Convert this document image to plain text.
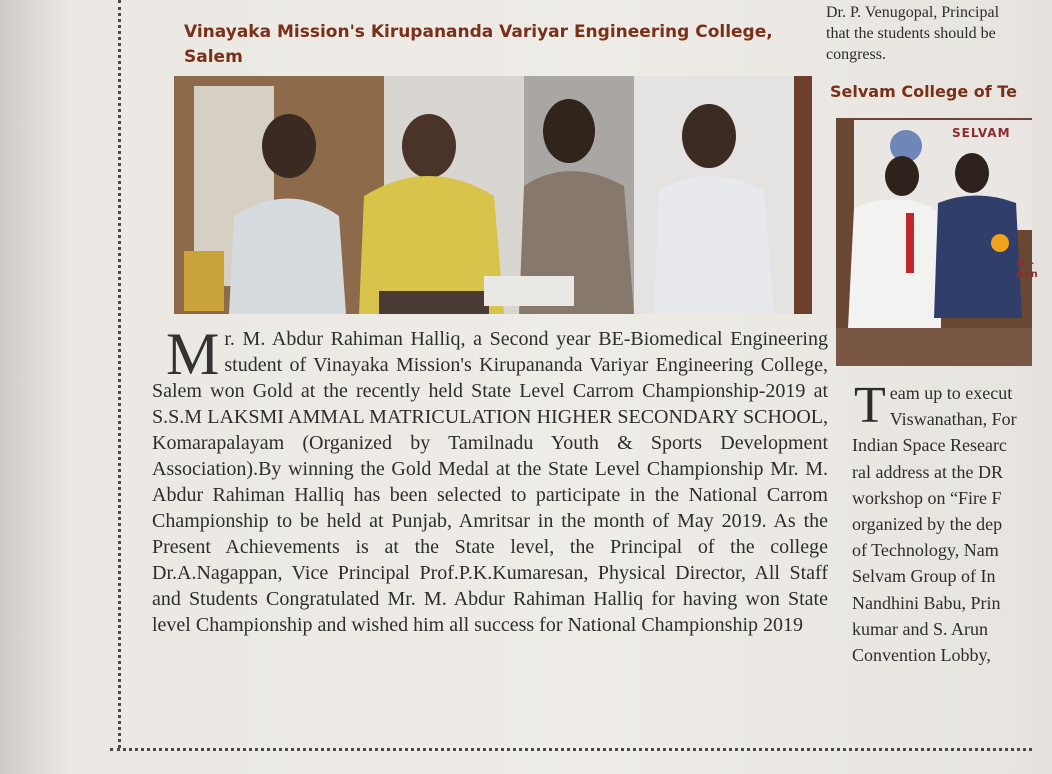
Vinayaka Mission's Kirupananda Variyar Engineering College, Salem

Mr. M. Abdur Rahiman Halliq, a Second year BE-Biomedical Engineering student of Vinayaka Mission's Kirupananda Variyar Engineering College, Salem won Gold at the recently held State Level Carrom Championship-2019 at S.S.M LAKSMI AMMAL MATRICULATION HIGHER SECONDARY SCHOOL, Komarapalayam (Organized by Tamilnadu Youth & Sports Development Association).By winning the Gold Medal at the State Level Championship Mr. M. Abdur Rahiman Halliq has been selected to participate in the National Carrom Championship to be held at Punjab, Amritsar in the month of May 2019. As the Present Achievements is at the State level, the Principal of the college Dr.A.Nagappan, Vice Principal Prof.P.K.Kumaresan, Physical Director, All Staff and Students Congratulated Mr. M. Abdur Rahiman Halliq for having won State level Championship and wished him all success for National Championship 2019

Dr. P. Venugopal, Principal
that the students should be
congress.

Selvam College of Te
SELVAM
D - Arn

Team up to execut
Viswanathan, For
Indian Space Researc
ral address at the DR
workshop on “Fire F
organized by the dep
of Technology, Nam
Selvam Group of In
Nandhini Babu, Prin
kumar and S. Arun
Convention Lobby,
